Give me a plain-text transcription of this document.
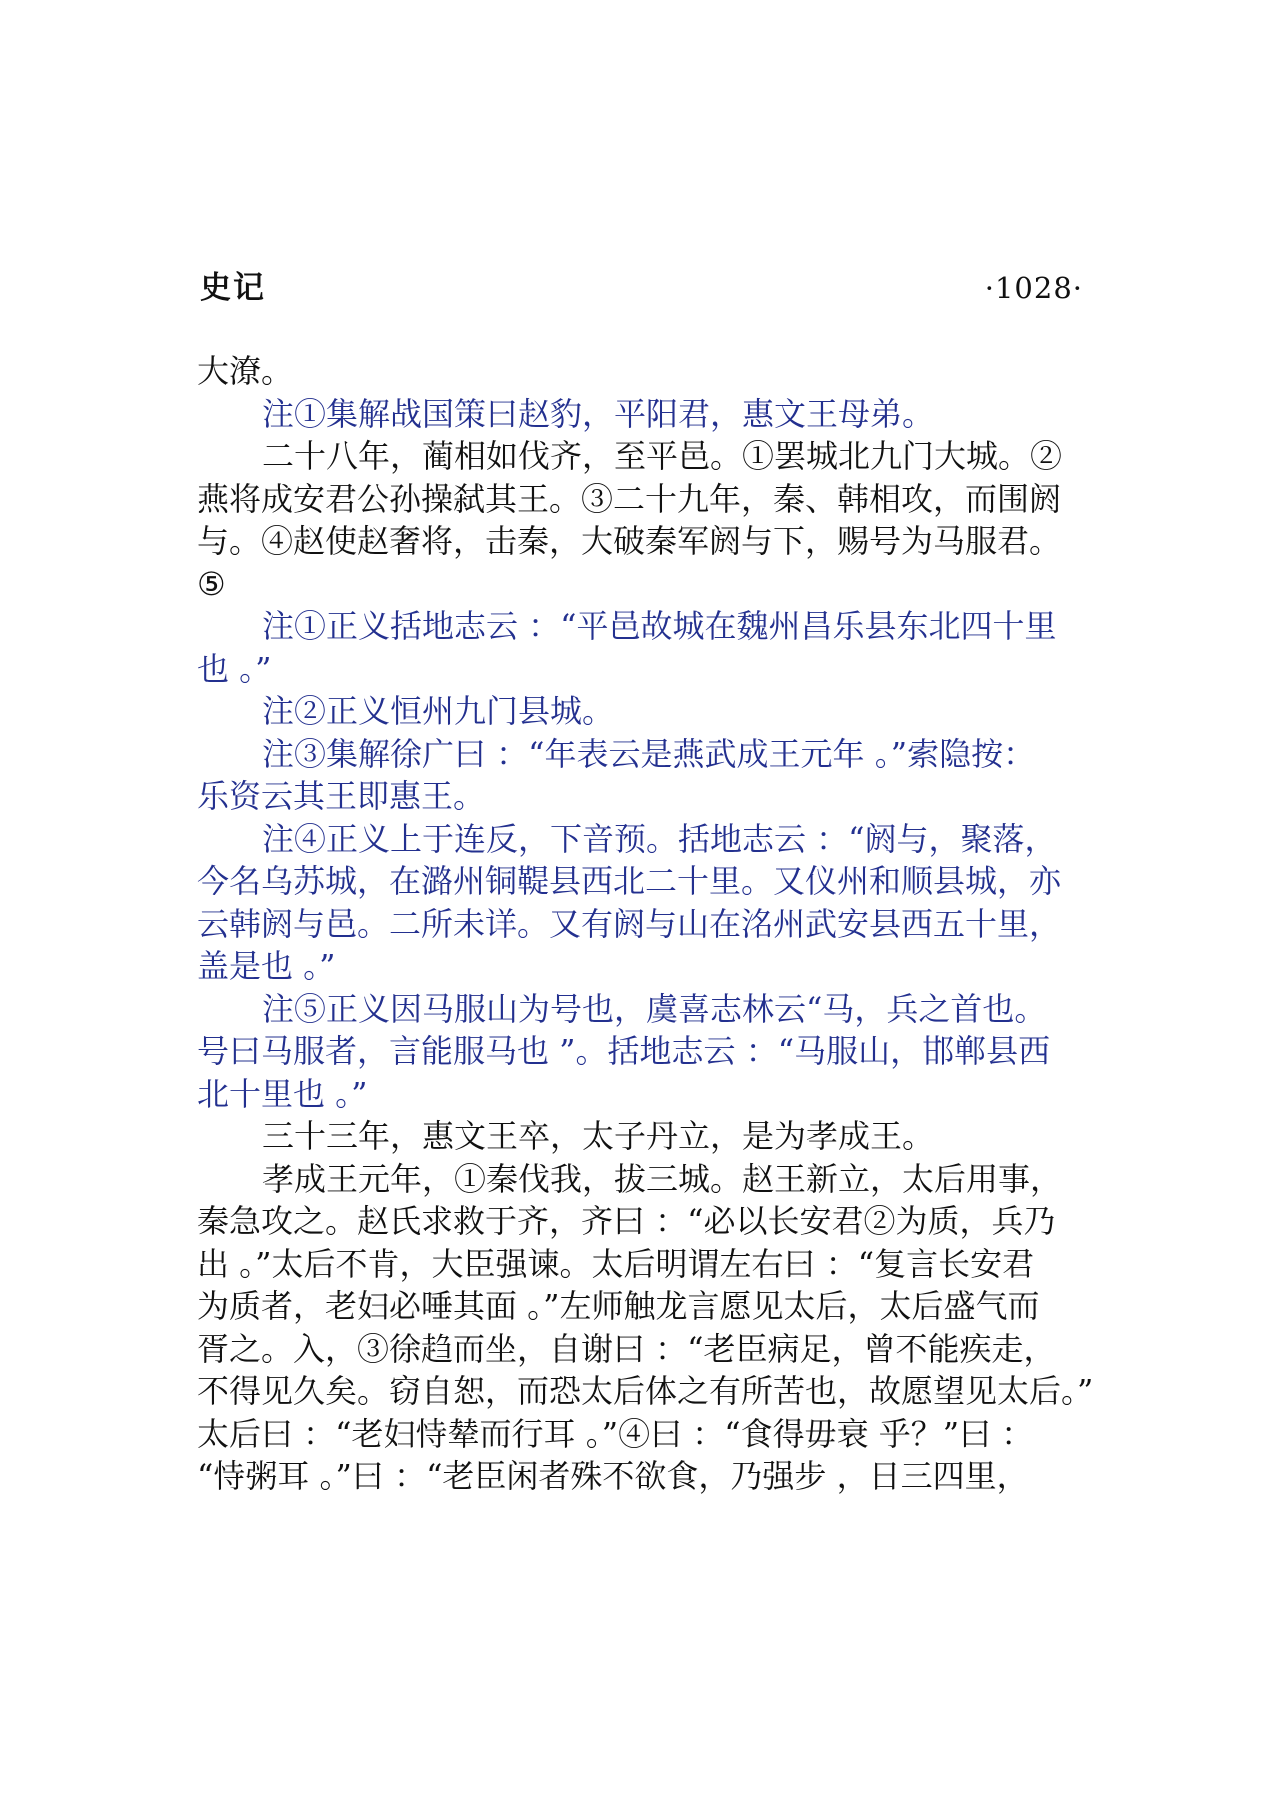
史记	·1028·
大潦。
注①集解战国策曰赵豹，平阳君，惠文王母弟。
二十八年，蔺相如伐齐，至平邑。①罢城北九门大城。②
燕将成安君公孙操弑其王。③二十九年，秦、韩相攻，而围阏
与。④赵使赵奢将，击秦，大破秦军阏与下，赐号为马服君。
⑤
注①正义括地志云 ：“平邑故城在魏州昌乐县东北四十里
也 。”
注②正义恒州九门县城。
注③集解徐广曰 ：“年表云是燕武成王元年 。”索隐按：
乐资云其王即惠王。
注④正义上于连反，下音预。括地志云 ：“阏与，聚落，
今名乌苏城，在潞州铜鞮县西北二十里。又仪州和顺县城，亦
云韩阏与邑。二所未详。又有阏与山在洺州武安县西五十里，
盖是也 。”
注⑤正义因马服山为号也，虞喜志林云“马，兵之首也。
号曰马服者，言能服马也 ”。括地志云 ：“马服山，邯郸县西
北十里也 。”
三十三年，惠文王卒，太子丹立，是为孝成王。
孝成王元年，①秦伐我，拔三城。赵王新立，太后用事，
秦急攻之。赵氏求救于齐，齐曰 ：“必以长安君②为质，兵乃
出 。”太后不肯，大臣强谏。太后明谓左右曰 ：“复言长安君
为质者，老妇必唾其面 。”左师触龙言愿见太后，太后盛气而
胥之。入，③徐趋而坐，自谢曰 ：“老臣病足，曾不能疾走，
不得见久矣。窃自恕，而恐太后体之有所苦也，故愿望见太后。”
太后曰 ：“老妇恃辇而行耳 。”④曰 ：“食得毋衰 乎？”曰 ：
“恃粥耳 。”曰 ：“老臣闲者殊不欲食，乃强步 ，日三四里，
